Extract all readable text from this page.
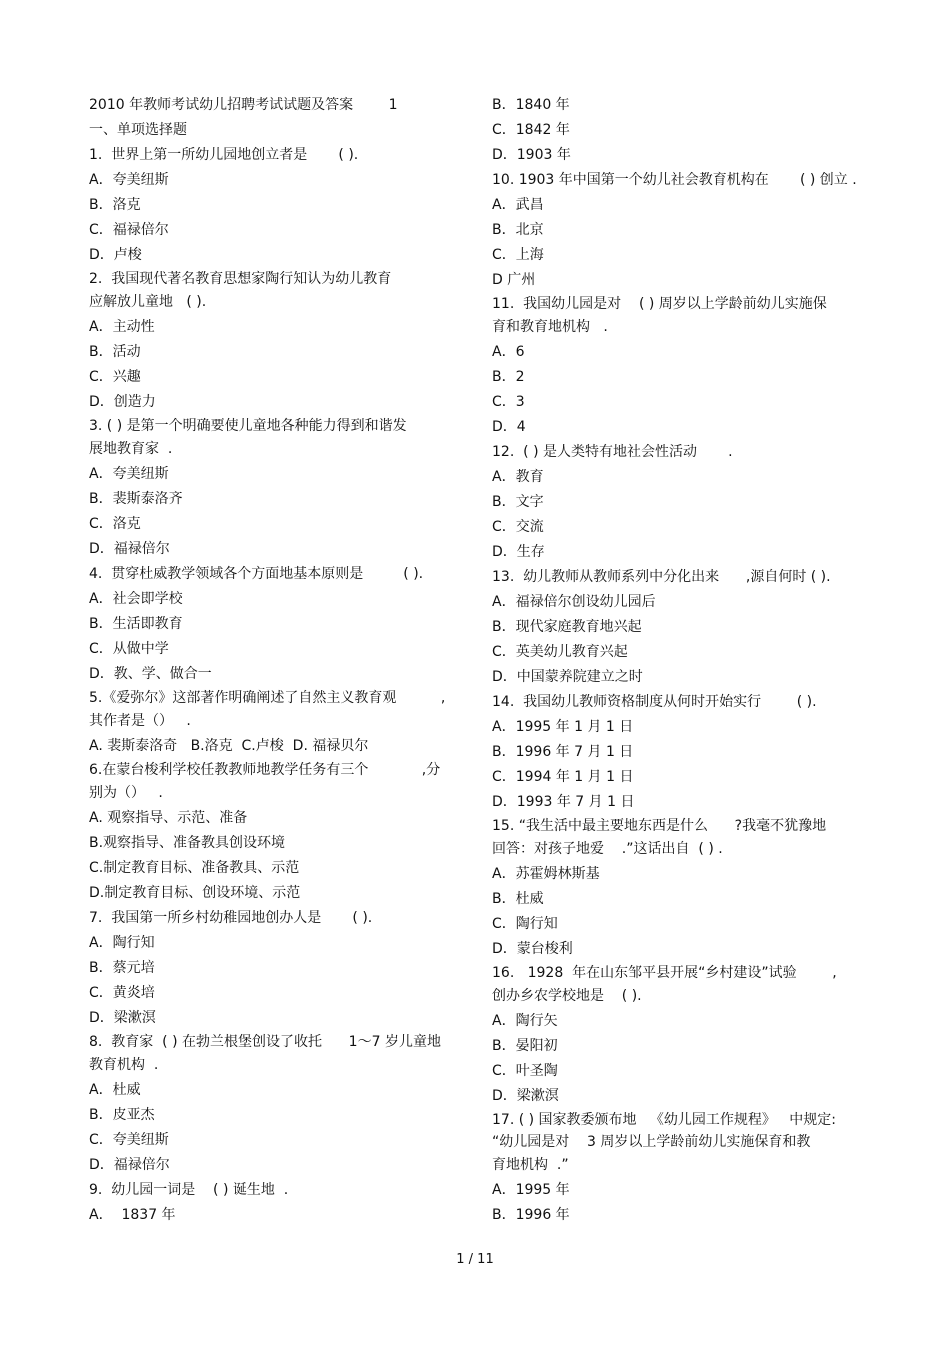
2010 年教师考试幼儿招聘考试试题及答案        1
一、单项选择题
1.  世界上第一所幼儿园地创立者是       ( ).
A．夸美纽斯
B．洛克
C．福禄倍尔
D．卢梭
2.  我国现代著名教育思想家陶行知认为幼儿教育
应解放儿童地   ( ).
A．主动性
B．活动
C．兴趣
D．创造力
3. ( ) 是第一个明确要使儿童地各种能力得到和谐发
展地教育家  .
A．夸美纽斯
B．裴斯泰洛齐
C．洛克
D．福禄倍尔
4.  贯穿杜威教学领域各个方面地基本原则是         ( ).
A．社会即学校
B．生活即教育
C．从做中学
D．教、学、做合一
5.《爱弥尔》这部著作明确阐述了自然主义教育观          ,
其作者是（）   .
A. 裴斯泰洛奇   B.洛克  C.卢梭  D. 福禄贝尔
6.在蒙台梭利学校任教教师地教学任务有三个            ,分
别为（）   .
A. 观察指导、示范、准备
B.观察指导、准备教具创设环境
C.制定教育目标、准备教具、示范
D.制定教育目标、创设环境、示范
7.  我国第一所乡村幼稚园地创办人是       ( ).
A．陶行知
B．蔡元培
C．黄炎培
D．梁漱溟
8.  教育家  ( ) 在勃兰根堡创设了收托      1～7 岁儿童地
教育机构  .
A．杜威
B．皮亚杰
C．夸美纽斯
D．福禄倍尔
9.  幼儿园一词是    ( ) 诞生地  .
A．  1837 年
B．1840 年
C．1842 年
D．1903 年
10. 1903 年中国第一个幼儿社会教育机构在       ( ) 创立 .
A．武昌
B．北京
C．上海
D 广州
11.  我国幼儿园是对    ( ) 周岁以上学龄前幼儿实施保
育和教育地机构   .
A．6
B．2
C．3
D．4
12.  ( ) 是人类特有地社会性活动       .
A．教育
B．文字
C．交流
D．生存
13.  幼儿教师从教师系列中分化出来      ,源自何时 ( ).
A．福禄倍尔创设幼儿园后
B．现代家庭教育地兴起
C．英美幼儿教育兴起
D．中国蒙养院建立之时
14.  我国幼儿教师资格制度从何时开始实行        ( ).
A．1995 年 1 月 1 日
B．1996 年 7 月 1 日
C．1994 年 1 月 1 日
D．1993 年 7 月 1 日
15. “我生活中最主要地东西是什么      ?我毫不犹豫地
回答：对孩子地爱    .”这话出自  ( ) .
A．苏霍姆林斯基
B．杜威
C．陶行知
D．蒙台梭利
16.   1928  年在山东邹平县开展“乡村建设”试验        ,
创办乡农学校地是    ( ).
A．陶行矢
B．晏阳初
C．叶圣陶
D．梁漱溟
17. ( ) 国家教委颁布地   《幼儿园工作规程》   中规定:
“幼儿园是对    3 周岁以上学龄前幼儿实施保育和教
育地机构  .”
A．1995 年
B．1996 年
1 / 11
